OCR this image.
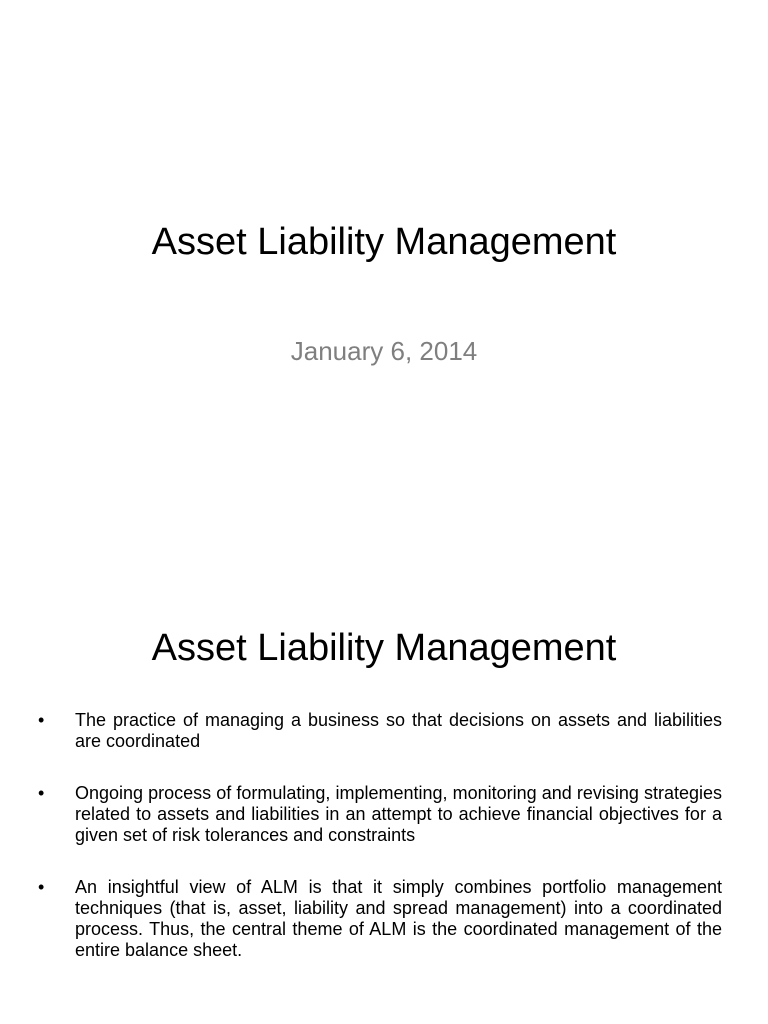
Asset Liability Management
January 6, 2014
Asset Liability Management
•	The practice of managing a business so that decisions on assets and liabilities are coordinated
•	Ongoing process of formulating, implementing, monitoring and revising strategies related to assets and liabilities in an attempt to achieve financial objectives for a given set of risk tolerances and constraints
•	An insightful view of ALM is that it simply combines portfolio management techniques (that is, asset, liability and spread management) into a coordinated process. Thus, the central theme of ALM is the coordinated management of the entire balance sheet.
